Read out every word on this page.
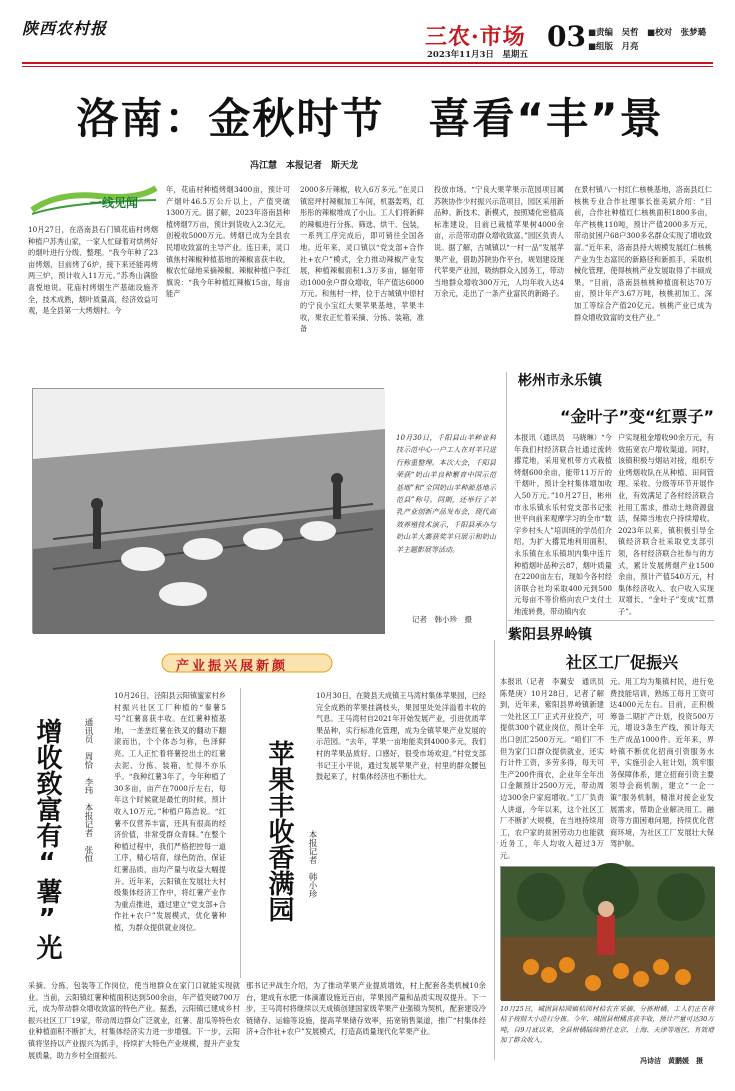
陕西农村报	三农·市场 03
2023年11月3日　星期五
■责编　吴哲　■校对　张梦璐
■组版　月亮
洛南：金秋时节　喜看“丰”景
冯江慧　本报记者　斯天龙
一线见闻
10月27日，在洛南县石门镇花庙村烤烟种植户苏秀山家，一家人忙碌着对烘烤好的烟叶进行分级、整理。“我今年种了23亩烤烟，目前烤了6炉，接下来还能再烤两三炉，预计收入11万元。”苏秀山满脸喜悦地说。花庙村烤烟生产基础设施齐全，技术成熟，烟叶质量高，经济效益可观，是全县第一大烤烟村。今
年，花庙村种植烤烟3400亩，预计可产烟叶46.5万公斤以上，产值突破1300万元。据了解，2023年洛南县种植烤烟7万亩，预计到货收入2.3亿元，创税收5000万元。烤烟已成为全县农民增收致富的主导产业。连日来，灵口镇焦村辣椒种植基地的辣椒喜获丰收，椒农忙碌地采摘辣椒。辣椒种植户李红旗说：“我今年种植红辣椒15亩，每亩能产
2000多斤辣椒，收入6万多元。”在灵口镇窑坪村辣椒加工车间，机器轰鸣，红彤彤的辣椒堆成了小山。工人们将新鲜的辣椒进行分拣、筛选、烘干、包装，一系列工序完成后，即可销往全国各地。近年来，灵口镇以“党支部+合作社+农户”模式，全力推动辣椒产业发展，种植辣椒面积1.3万多亩，辐射带动1000余户群众增收，年产值达6000万元。和焦村一样，位于古城镇中原村的宁良小宝红大果苹果基地，苹果丰收，果农正忙着采摘、分拣、装箱，准备
投放市场。“宁良大果苹果示范园项目属苏陕协作少村振兴示范项目，园区采用新品种、新技术、新模式，按照矮化密植高标准建设，目前已栽植苹果树4000余亩，示范带动群众增收致富。”园区负责人说。据了解，古城镇以“一村一品”发展苹果产业，借助苏陕协作平台，规划建设现代苹果产业园，吸纳群众入园务工，带动当地群众增收300万元，人均年收入达4万余元，走出了一条产业富民的新路子。
在景村镇八一村红仁核桃基地，洛南县红仁核桃专业合作社理事长崔美斌介绍：“目前，合作社种植红仁核桃面积1800多亩，年产核桃110吨，预计产值2000多万元，带动贫困户68户300多名群众实现了增收致富。”近年来，洛南县持大规模发展红仁核桃产业为生态富民的新路径和新抓手，采取机械化管理，使得核桃产业发展取得了丰硕成果。“目前，洛南县核桃种植面积达70万亩，预计年产3.67万吨，核桃初加工、深加工等综合产值20亿元。核桃产业已成为群众增收致富的支柱产业。”
10月30日，千阳县山羊种业科技示范中心一户工人在对羊只进行称重整理。本次大会，千阳县荣获“奶山羊良种繁育中国示范基地”和“全国奶山羊种源基地示范县”称号。同期，还举行了羊乳产业创新产品发布会，现代高效养殖技术演示，千阳县承办与奶山羊大赛获奖羊只展示和奶山羊主题影展等活动。
记者　韩小珍　摄
彬州市永乐镇
“金叶子”变“红票子”
本报讯（通讯员　马晓琳）“今年我们村经济联合社通过流转撂荒地，采用宽机带方式栽植烤烟600余亩，能带11万斤的干烟叶，预计全村集体增加收入50万元。”10月27日，彬州市永乐镇永乐村党支部书记张世平向前来观摩学习的全市“数字乡村头人”培训班的学员们介绍。为扩大撂荒地利用面积，永乐镇在永乐镇坝内集中连片种植烟叶品种云87，烟叶质量在2200亩左右，现如今各村经济联合社均采取400元到500元每亩不等价格向农户支付土地流转费，带动镇内农
户实现租金增收90余万元，有效拓宽农户增收渠道。同时，该镇积极与烟站对接，组织专业烤烟收队在从种植、田间管理、采收、分级等环节开展作业，有效满足了各村经济联合社用工需求，推动土地资源盘活，保障当地农户持续增收。2023年以来，镇积极引导全镇经济联合社采取党支部引领，各村经济联合社参与的方式，累计发展烤烟产业1500余亩，预计产值540万元，村集体经济收入、农户收入实现双增长，“金叶子”变成“红票子”。
紫阳县界岭镇
社区工厂促振兴
本报讯（记者　李翼安　通讯员　陈楚庚）10月28日，记者了解到，近年来，紫阳县界岭镇新建一处社区工厂正式开业投产，可提供300个就业岗位，预计全年出口创汇2500万元。“咱们厂不但为家门口群众提供就业，还实行计件工资，多劳多得，每天可生产200件商衣，企业年全年出口金额预计2500万元，带动周边300余户家庭增收。”工厂负责人讲道，今年以来，这个社区工厂不断扩大规模，在当地持续用工，农户家的贫困劳动力也能就近务工，年人均收入超过3万元。
元。用工均为集镇村民，进行免费技能培训，熟练工每月工资可达4000元左右。目前，正积极筹备二期扩产计划，投资500万元，增设3条生产线，预计每天生产成品1000件。近年来，界岭镇不断优化招商引资服务水平，实施引企入驻计划，筑牢服务保障体系，建立招商引资主要领导会商机制，建立“一企一策”服务机制，精准对接企业发展需求，帮助企业解决用工、融资等方面困难问题，持续优化营商环境，为社区工厂发展壮大保驾护航。
10月25日，城固县桔园镇桔园村桔农在采摘、分拣柑橘。工人们正在将桔子按照大小进行分拣。今年，城固县柑橘喜获丰收，预计产量可达30万吨，自9月底以来，全县柑橘陆续销往北京、上海、天津等地区，有效增加了群众收入。
冯诗洁　黄鹏媛　摄
产业振兴展新颜
增收致富有“薯”光	通讯员　周恰　李玮　本报记者　张恒
10月26日，泾阳县云阳镇蜜家村乡村振兴社区工厂种植的“秦薯5号”红薯喜获丰收。在红薯种植基地，一垄垄红薯在铁叉的翻动下翻滚而出，个个体态匀称，色泽鲜亮。工人正忙着将薯挖出土的红薯去泥、分拣、装箱，忙得不亦乐乎。“我种红薯3年了，今年种植了30多亩，亩产在7000斤左右，每年这个时候就是最忙的时候，预计收入10万元。”种植户陈浩说。“红薯不仅营养丰富，还具有很高的经济价值，非常受群众青睐。”在整个种植过程中，我们严格把控每一道工序，精心培育，绿色防治，保证红薯品质，亩均产量与收益大幅提升。近年来，云阳镇在发展壮大村级集体经济工作中，将红薯产业作为重点推进，通过建立“党支部+合作社+农户”发展模式，优化薯种植，为群众提供就业岗位。
采摘、分拣、包装等工作岗位，使当地群众在家门口就能实现就业。当前，云阳镇红薯种植面积达到500余亩，年产值突破700万元，成为带动群众增收致富的特色产业。据悉，云阳镇已建成乡村振兴社区工厂19家，带动周边群众广泛就业，红薯、甜瓜等特色农业种植面积不断扩大，村集体经济实力进一步增强。下一步，云阳镇将坚持以产业振兴为抓手，持续扩大特色产业规模，提升产业发展质量，助力乡村全面振兴。
苹果丰收香满园	本报记者　韩小珍
10月30日，在陇县天成镇王马湾村集体苹果园，已经完全成熟的苹果挂满枝头，果园里处处洋溢着丰收的气息。王马湾村自2021年开始发展产业，引进优质苹果品种，实行标准化管理，成为全镇苹果产业发展的示范园。“去年，苹果一亩地能卖到4000多元，我们村的苹果品质好、口感好，很受市场欢迎。”村党支部书记王小平说，通过发展苹果产业，村里的群众腰包鼓起来了，村集体经济也不断壮大。
那书记尹战生介绍，为了推动苹果产业提质增效，村上配套各类机械10余台，建成有水肥一体滴灌设施近百亩，苹果园产量和品质实现双提升。下一步，王马湾村将继续以天成镇创建国家级苹果产业强镇为契机，配套建设冷链储存、运输等设施，提高苹果储存效率，拓宽销售渠道，推广“村集体经济+合作社+农户”发展模式，打造高质量现代化苹果产业。
